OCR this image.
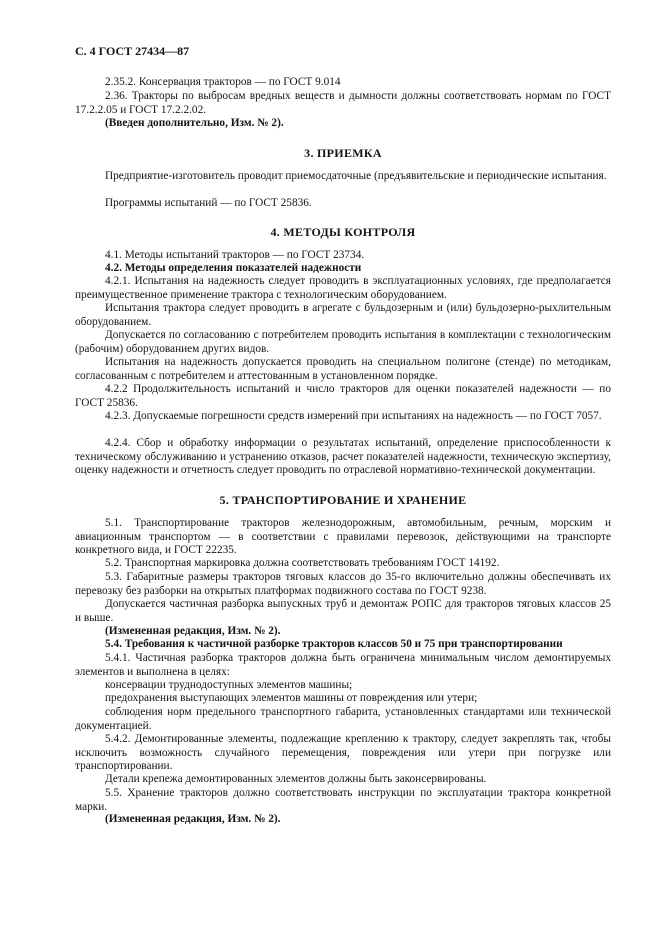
С. 4 ГОСТ 27434—87

2.35.2. Консервация тракторов — по ГОСТ 9.014

2.36. Тракторы по выбросам вредных веществ и дымности должны соответствовать нормам по ГОСТ 17.2.2.05 и ГОСТ 17.2.2.02.

(Введен дополнительно, Изм. № 2).

3. ПРИЕМКА

Предприятие-изготовитель проводит приемосдаточные (предъявительские и периодические испытания.

Программы испытаний — по ГОСТ 25836.

4. МЕТОДЫ КОНТРОЛЯ

4.1. Методы испытаний тракторов — по ГОСТ 23734.

4.2. Методы определения показателей надежности

4.2.1. Испытания на надежность следует проводить в эксплуатационных условиях, где предполагается преимущественное применение трактора с технологическим оборудованием.

Испытания трактора следует проводить в агрегате с бульдозерным и (или) бульдозерно-рыхлительным оборудованием.

Допускается по согласованию с потребителем проводить испытания в комплектации с технологическим (рабочим) оборудованием других видов.

Испытания на надежность допускается проводить на специальном полигоне (стенде) по методикам, согласованным с потребителем и аттестованным в установленном порядке.

4.2.2 Продолжительность испытаний и число тракторов для оценки показателей надежности — по ГОСТ 25836.

4.2.3. Допускаемые погрешности средств измерений при испытаниях на надежность — по ГОСТ 7057.

4.2.4. Сбор и обработку информации о результатах испытаний, определение приспособленности к техническому обслуживанию и устранению отказов, расчет показателей надежности, техническую экспертизу, оценку надежности и отчетность следует проводить по отраслевой нормативно-технической документации.

5. ТРАНСПОРТИРОВАНИЕ И ХРАНЕНИЕ

5.1. Транспортирование тракторов железнодорожным, автомобильным, речным, морским и авиационным транспортом — в соответствии с правилами перевозок, действующими на транспорте конкретного вида, и ГОСТ 22235.

5.2. Транспортная маркировка должна соответствовать требованиям ГОСТ 14192.

5.3. Габаритные размеры тракторов тяговых классов до 35-го включительно должны обеспечивать их перевозку без разборки на открытых платформах подвижного состава по ГОСТ 9238.

Допускается частичная разборка выпускных труб и демонтаж РОПС для тракторов тяговых классов 25 и выше.

(Измененная редакция, Изм. № 2).

5.4. Требования к частичной разборке тракторов классов 50 и 75 при транспортировании

5.4.1. Частичная разборка тракторов должна быть ограничена минимальным числом демонтируемых элементов и выполнена в целях:

консервации труднодоступных элементов машины;

предохранения выступающих элементов машины от повреждения или утери;

соблюдения норм предельного транспортного габарита, установленных стандартами или технической документацией.

5.4.2. Демонтированные элементы, подлежащие креплению к трактору, следует закреплять так, чтобы исключить возможность случайного перемещения, повреждения или утери при погрузке или транспортировании.

Детали крепежа демонтированных элементов должны быть законсервированы.

5.5. Хранение тракторов должно соответствовать инструкции по эксплуатации трактора конкретной марки.

(Измененная редакция, Изм. № 2).
